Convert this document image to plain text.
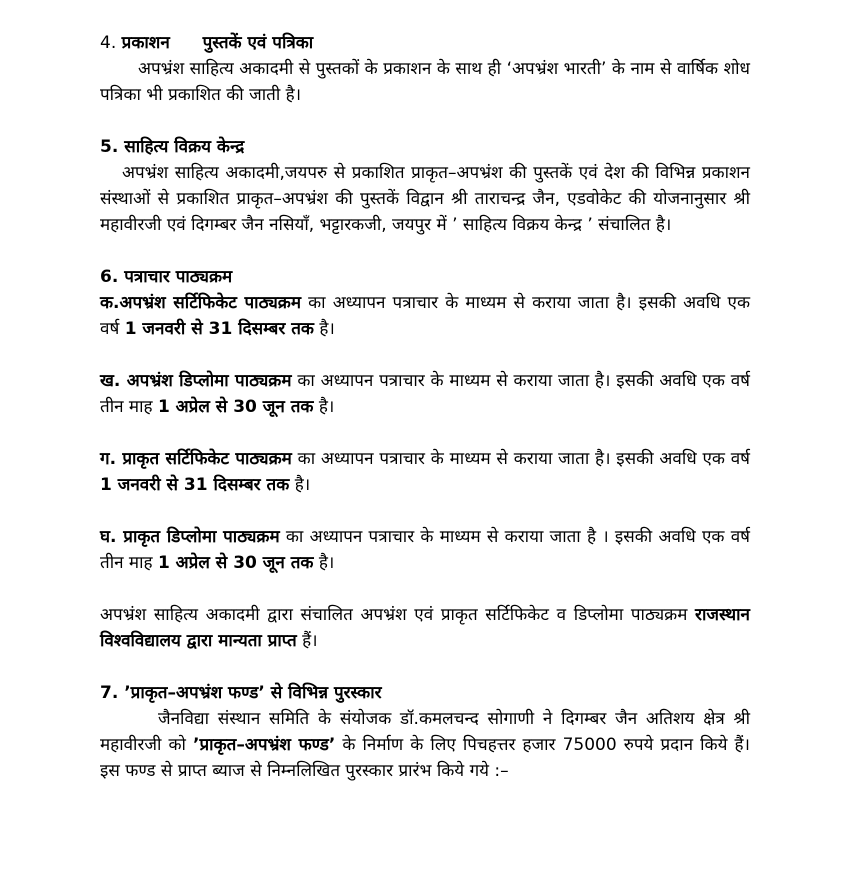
4. प्रकाशन पुस्तकें एवं पत्रिका

अपभ्रंश साहित्य अकादमी से पुस्तकों के प्रकाशन के साथ ही ‘अपभ्रंश भारती’ के नाम से वार्षिक शोध पत्रिका भी प्रकाशित की जाती है।

5. साहित्य विक्रय केन्द्र

अपभ्रंश साहित्य अकादमी,जयपरु से प्रकाशित प्राकृत–अपभ्रंश की पुस्तकें एवं देश की विभिन्न प्रकाशन संस्थाओं से प्रकाशित प्राकृत–अपभ्रंश की पुस्तकें विद्वान श्री ताराचन्द्र जैन, एडवोकेट की योजनानुसार श्री महावीरजी एवं दिगम्बर जैन नसियाँ, भट्टारकजी, जयपुर में ’ साहित्य विक्रय केन्द्र ’ संचालित है।

6. पत्राचार पाठ्यक्रम

क.अपभ्रंश सर्टिफिकेट पाठ्यक्रम का अध्यापन पत्राचार के माध्यम से कराया जाता है। इसकी अवधि एक वर्ष 1 जनवरी से 31 दिसम्बर तक है।

ख. अपभ्रंश डिप्लोमा पाठ्यक्रम का अध्यापन पत्राचार के माध्यम से कराया जाता है। इसकी अवधि एक वर्ष तीन माह 1 अप्रेल से 30 जून तक है।

ग. प्राकृत सर्टिफिकेट पाठ्यक्रम का अध्यापन पत्राचार के माध्यम से कराया जाता है। इसकी अवधि एक वर्ष 1 जनवरी से 31 दिसम्बर तक है।

घ. प्राकृत डिप्लोमा पाठ्यक्रम का अध्यापन पत्राचार के माध्यम से कराया जाता है । इसकी अवधि एक वर्ष तीन माह 1 अप्रेल से 30 जून तक है।

अपभ्रंश साहित्य अकादमी द्वारा संचालित अपभ्रंश एवं प्राकृत सर्टिफिकेट व डिप्लोमा पाठ्यक्रम राजस्थान विश्वविद्यालय द्वारा मान्यता प्राप्त हैं।

7. ’प्राकृत–अपभ्रंश फण्ड’ से विभिन्न पुरस्कार

जैनविद्या संस्थान समिति के संयोजक डॉ.कमलचन्द सोगाणी ने दिगम्बर जैन अतिशय क्षेत्र श्री महावीरजी को ’प्राकृत–अपभ्रंश फण्ड’ के निर्माण के लिए पिचहत्तर हजार 75000 रुपये प्रदान किये हैं। इस फण्ड से प्राप्त ब्याज से निम्नलिखित पुरस्कार प्रारंभ किये गये :–
